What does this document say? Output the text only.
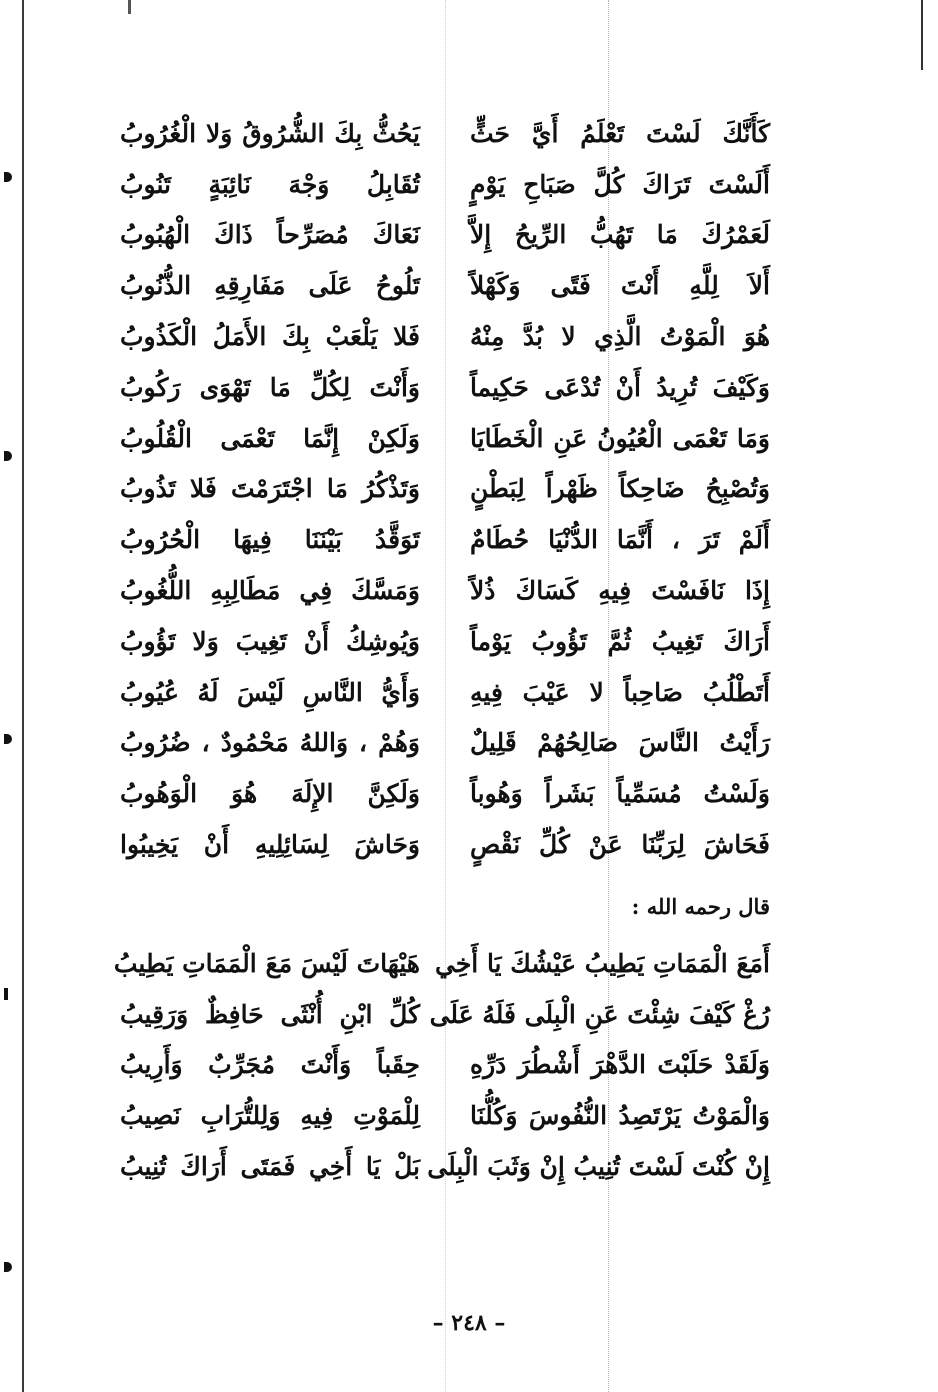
كَأَنَّكَ لَسْتَ تَعْلَمُ أَيَّ حَثٍّ
يَحُثُّ بِكَ الشُّرُوقُ وَلا الْغُرُوبُ
أَلَسْتَ تَرَاكَ كُلَّ صَبَاحِ يَوْمٍ
تُقَابِلُ وَجْهَ نَائِبَةٍ تَنُوبُ
لَعَمْرُكَ مَا تَهُبُّ الرِّيحُ إِلاَّ
نَعَاكَ مُصَرِّحاً ذَاكَ الْهُبُوبُ
أَلاَ لِلَّهِ أَنْتَ فَتًى وَكَهْلاً
تَلُوحُ عَلَى مَفَارِقِهِ الذُّنُوبُ
هُوَ الْمَوْتُ الَّذِي لا بُدَّ مِنْهُ
فَلا يَلْعَبْ بِكَ الأَمَلُ الْكَذُوبُ
وَكَيْفَ تُرِيدُ أَنْ تُدْعَى حَكِيماً
وَأَنْتَ لِكُلِّ مَا تَهْوَى رَكُوبُ
وَمَا تَعْمَى الْعُيُونُ عَنِ الْخَطَايَا
وَلَكِنْ إِنَّمَا تَعْمَى الْقُلُوبُ
وَتُصْبِحُ ضَاحِكاً ظَهْراً لِبَطْنٍ
وَتَذْكُرُ مَا اجْتَرَمْتَ فَلا تَذُوبُ
أَلَمْ تَرَ ، أَنَّمَا الدُّنْيَا حُطَامٌ
تَوَقَّدُ بَيْنَنَا فِيهَا الْحُرُوبُ
إِذَا نَافَسْتَ فِيهِ كَسَاكَ ذُلاً
وَمَسَّكَ فِي مَطَالِبِهِ اللُّغُوبُ
أَرَاكَ تَغِيبُ ثُمَّ تَؤُوبُ يَوْماً
وَيُوشِكُ أَنْ تَغِيبَ وَلا تَؤُوبُ
أَتَطْلُبُ صَاحِباً لا عَيْبَ فِيهِ
وَأَيُّ النَّاسِ لَيْسَ لَهُ عُيُوبُ
رَأَيْتُ النَّاسَ صَالِحُهُمْ قَلِيلٌ
وَهُمْ ، وَاللهُ مَحْمُودٌ ، ضُرُوبُ
وَلَسْتُ مُسَمِّياً بَشَراً وَهُوباً
وَلَكِنَّ الإِلَهَ هُوَ الْوَهُوبُ
فَحَاشَ لِرَبِّنَا عَنْ كُلِّ نَقْصٍ
وَحَاشَ لِسَائِلِيهِ أَنْ يَخِيبُوا
قال رحمه الله :
أَمَعَ الْمَمَاتِ يَطِيبُ عَيْشُكَ يَا أَخِي
هَيْهَاتَ لَيْسَ مَعَ الْمَمَاتِ يَطِيبُ
رُغْ كَيْفَ شِئْتَ عَنِ الْبِلَى فَلَهُ عَلَى
كُلِّ ابْنِ أُنْثَى حَافِظٌ وَرَقِيبُ
وَلَقَدْ حَلَبْتَ الدَّهْرَ أَشْطُرَ دَرِّهِ
حِقَباً وَأَنْتَ مُجَرِّبٌ وَأَرِيبُ
وَالْمَوْتُ يَرْتَصِدُ النُّفُوسَ وَكُلُّنَا
لِلْمَوْتِ فِيهِ وَلِلتُّرَابِ نَصِيبُ
إِنْ كُنْتَ لَسْتَ تُنِيبُ إِنْ وَثَبَ الْبِلَى
بَلْ يَا أَخِي فَمَتَى أَرَاكَ تُنِيبُ
– ٢٤٨ –
